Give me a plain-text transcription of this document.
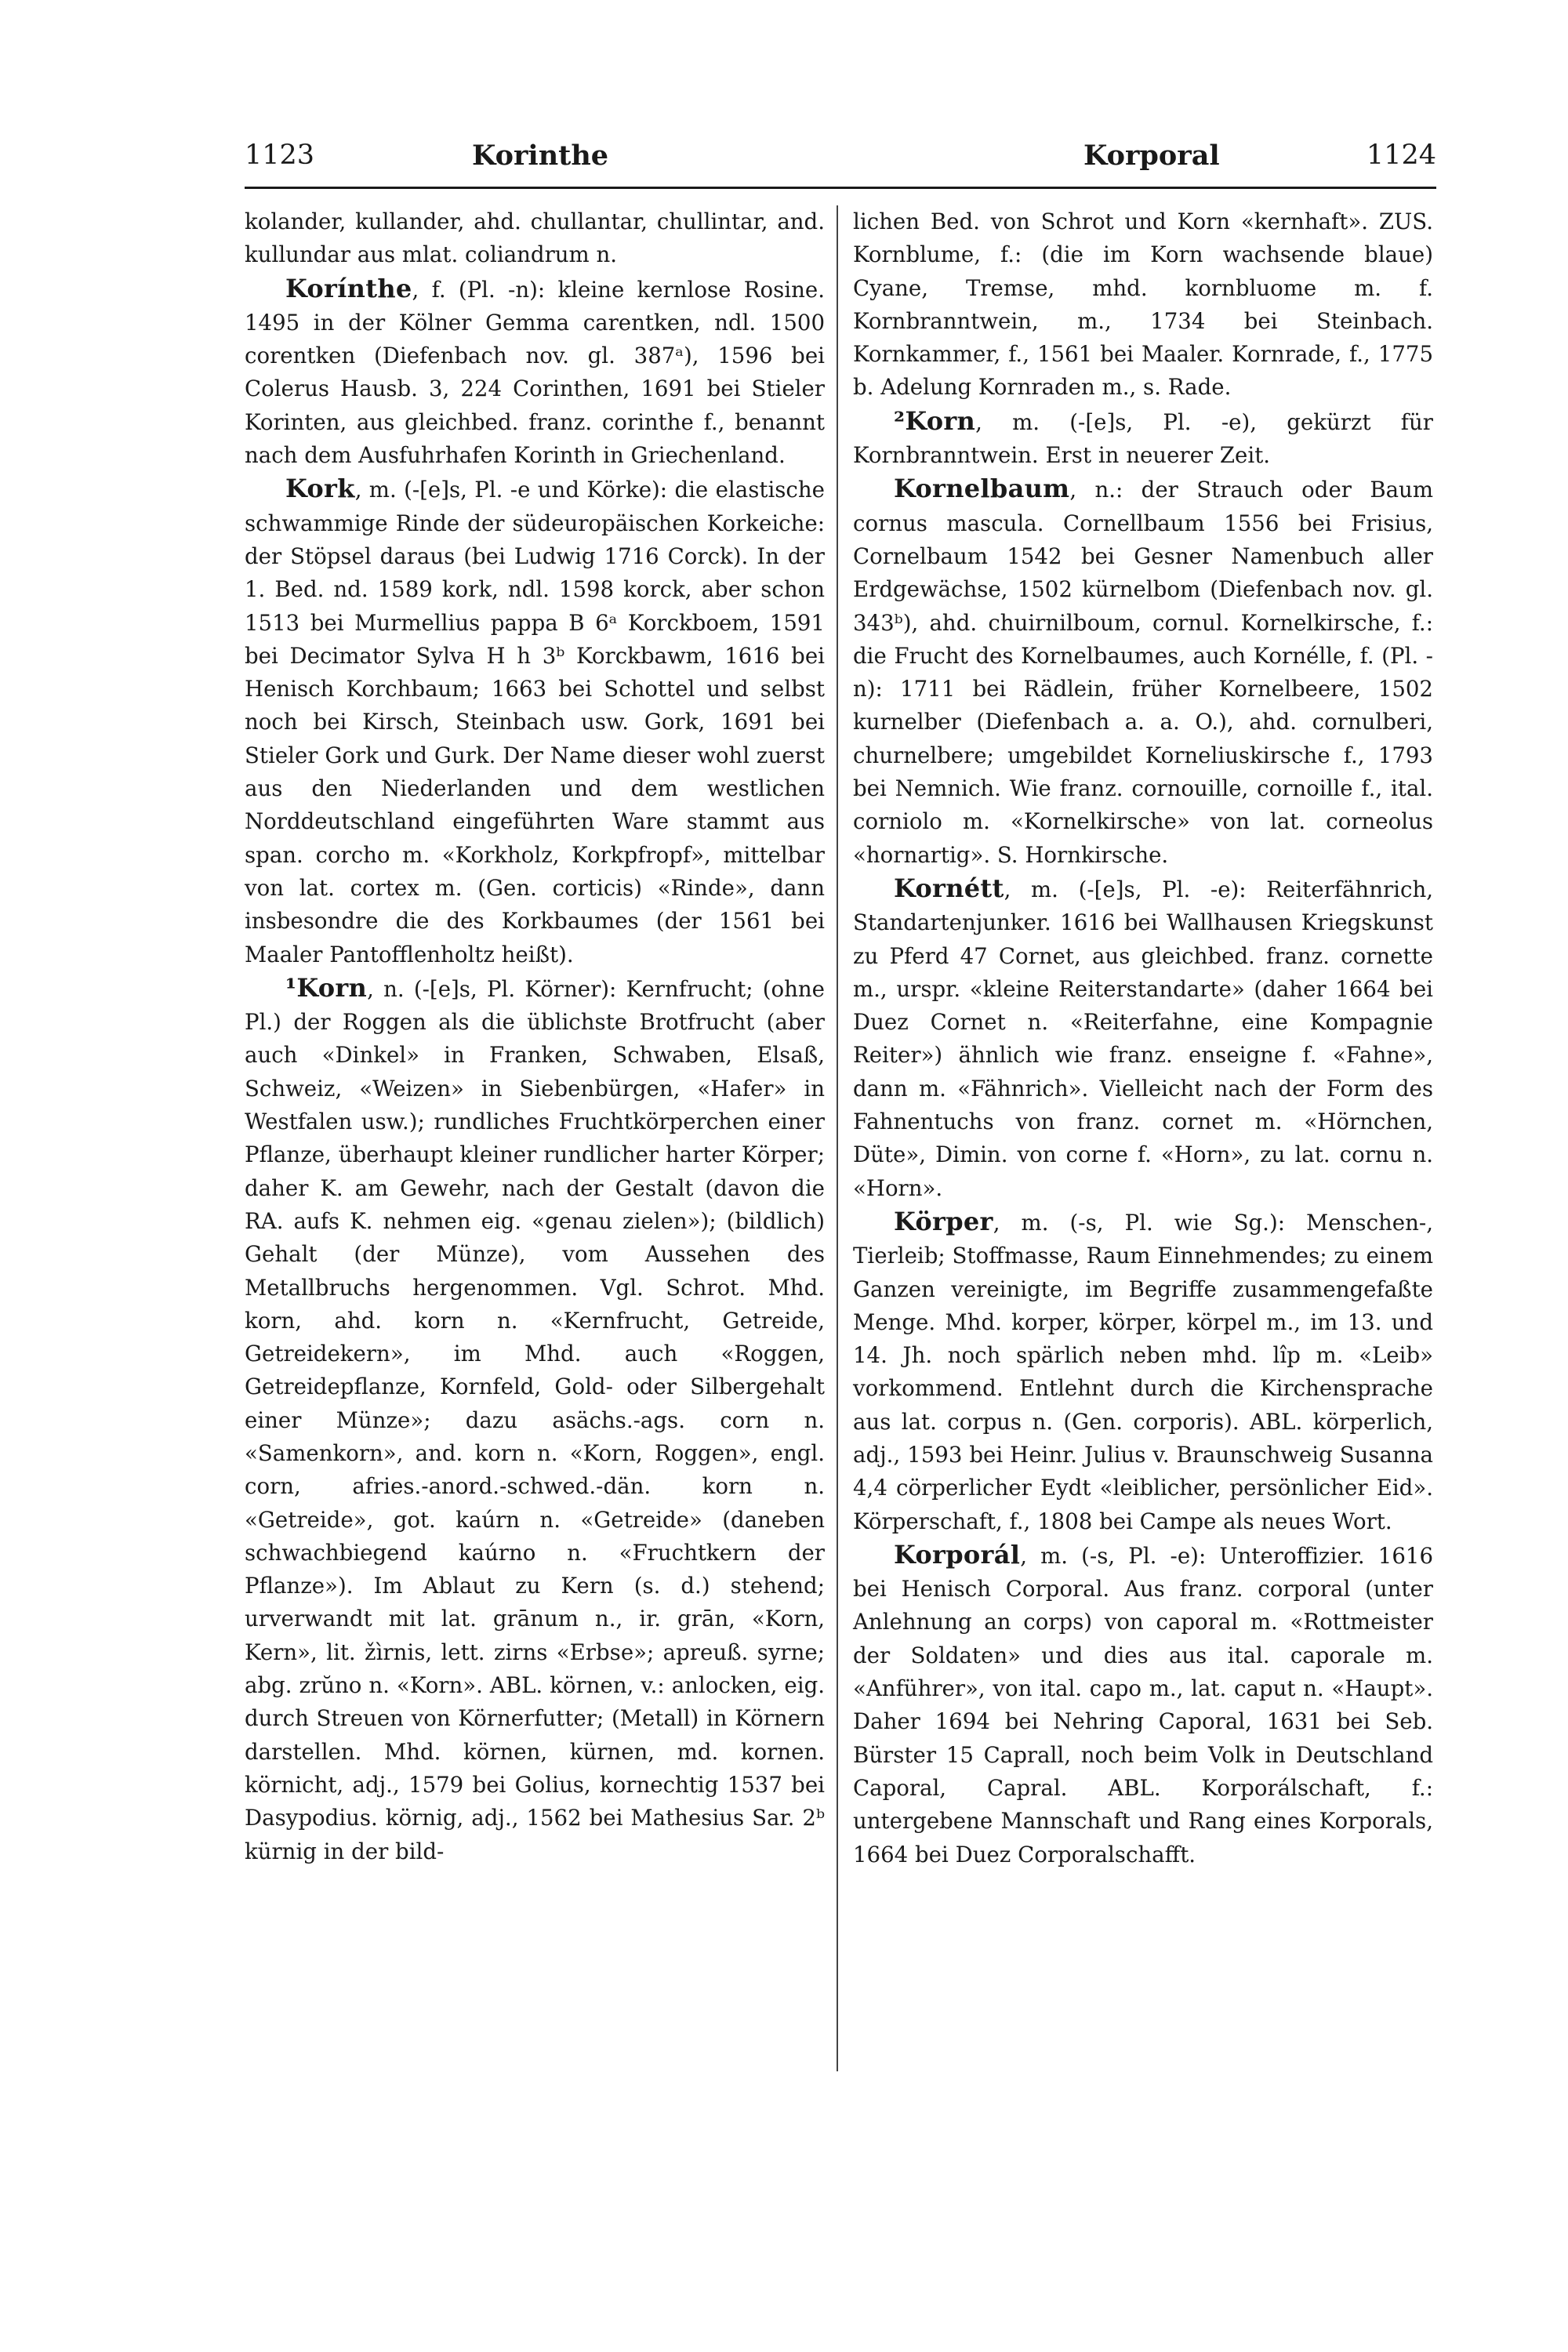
1123	Korinthe	Korporal	1124

kolander, kullander, ahd. chullantar, chullintar, and. kullundar aus mlat. coliandrum n.

Korínthe, f. (Pl. -n): kleine kernlose Rosine. 1495 in der Kölner Gemma carentken, ndl. 1500 corentken (Diefenbach nov. gl. 387ᵃ), 1596 bei Colerus Hausb. 3, 224 Corinthen, 1691 bei Stieler Korinten, aus gleichbed. franz. corinthe f., benannt nach dem Ausfuhrhafen Korinth in Griechenland.

Kork, m. (-[e]s, Pl. -e und Körke): die elastische schwammige Rinde der südeuropäischen Korkeiche: der Stöpsel daraus (bei Ludwig 1716 Corck). In der 1. Bed. nd. 1589 kork, ndl. 1598 korck, aber schon 1513 bei Murmellius pappa B 6ᵃ Korckboem, 1591 bei Decimator Sylva H h 3ᵇ Korckbawm, 1616 bei Henisch Korchbaum; 1663 bei Schottel und selbst noch bei Kirsch, Steinbach usw. Gork, 1691 bei Stieler Gork und Gurk. Der Name dieser wohl zuerst aus den Niederlanden und dem westlichen Norddeutschland eingeführten Ware stammt aus span. corcho m. «Korkholz, Korkpfropf», mittelbar von lat. cortex m. (Gen. corticis) «Rinde», dann insbesondre die des Korkbaumes (der 1561 bei Maaler Pantofflenholtz heißt).

¹Korn, n. (-[e]s, Pl. Körner): Kernfrucht; (ohne Pl.) der Roggen als die üblichste Brotfrucht (aber auch «Dinkel» in Franken, Schwaben, Elsaß, Schweiz, «Weizen» in Siebenbürgen, «Hafer» in Westfalen usw.); rundliches Fruchtkörperchen einer Pflanze, überhaupt kleiner rundlicher harter Körper; daher K. am Gewehr, nach der Gestalt (davon die RA. aufs K. nehmen eig. «genau zielen»); (bildlich) Gehalt (der Münze), vom Aussehen des Metallbruchs hergenommen. Vgl. Schrot. Mhd. korn, ahd. korn n. «Kernfrucht, Getreide, Getreidekern», im Mhd. auch «Roggen, Getreidepflanze, Kornfeld, Gold- oder Silbergehalt einer Münze»; dazu asächs.-ags. corn n. «Samenkorn», and. korn n. «Korn, Roggen», engl. corn, afries.-anord.-schwed.-dän. korn n. «Getreide», got. kaúrn n. «Getreide» (daneben schwachbiegend kaúrno n. «Fruchtkern der Pflanze»). Im Ablaut zu Kern (s. d.) stehend; urverwandt mit lat. grānum n., ir. grān, «Korn, Kern», lit. žìrnis, lett. zirns «Erbse»; apreuß. syrne; abg. zrŭno n. «Korn». ABL. körnen, v.: anlocken, eig. durch Streuen von Körnerfutter; (Metall) in Körnern darstellen. Mhd. körnen, kürnen, md. kornen. körnicht, adj., 1579 bei Golius, kornechtig 1537 bei Dasypodius. körnig, adj., 1562 bei Mathesius Sar. 2ᵇ kürnig in der bild-

lichen Bed. von Schrot und Korn «kernhaft». ZUS. Kornblume, f.: (die im Korn wachsende blaue) Cyane, Tremse, mhd. kornbluome m. f. Kornbranntwein, m., 1734 bei Steinbach. Kornkammer, f., 1561 bei Maaler. Kornrade, f., 1775 b. Adelung Kornraden m., s. Rade.

²Korn, m. (-[e]s, Pl. -e), gekürzt für Kornbranntwein. Erst in neuerer Zeit.

Kornelbaum, n.: der Strauch oder Baum cornus mascula. Cornellbaum 1556 bei Frisius, Cornelbaum 1542 bei Gesner Namenbuch aller Erdgewächse, 1502 kürnelbom (Diefenbach nov. gl. 343ᵇ), ahd. chuirnilboum, cornul. Kornelkirsche, f.: die Frucht des Kornelbaumes, auch Kornélle, f. (Pl. -n): 1711 bei Rädlein, früher Kornelbeere, 1502 kurnelber (Diefenbach a. a. O.), ahd. cornulberi, churnelbere; umgebildet Korneliuskirsche f., 1793 bei Nemnich. Wie franz. cornouille, cornoille f., ital. corniolo m. «Kornelkirsche» von lat. corneolus «hornartig». S. Hornkirsche.

Kornétt, m. (-[e]s, Pl. -e): Reiterfähnrich, Standartenjunker. 1616 bei Wallhausen Kriegskunst zu Pferd 47 Cornet, aus gleichbed. franz. cornette m., urspr. «kleine Reiterstandarte» (daher 1664 bei Duez Cornet n. «Reiterfahne, eine Kompagnie Reiter») ähnlich wie franz. enseigne f. «Fahne», dann m. «Fähnrich». Vielleicht nach der Form des Fahnentuchs von franz. cornet m. «Hörnchen, Düte», Dimin. von corne f. «Horn», zu lat. cornu n. «Horn».

Körper, m. (-s, Pl. wie Sg.): Menschen-, Tierleib; Stoffmasse, Raum Einnehmendes; zu einem Ganzen vereinigte, im Begriffe zusammengefaßte Menge. Mhd. korper, körper, körpel m., im 13. und 14. Jh. noch spärlich neben mhd. lîp m. «Leib» vorkommend. Entlehnt durch die Kirchensprache aus lat. corpus n. (Gen. corporis). ABL. körperlich, adj., 1593 bei Heinr. Julius v. Braunschweig Susanna 4,4 cörperlicher Eydt «leiblicher, persönlicher Eid». Körperschaft, f., 1808 bei Campe als neues Wort.

Korporál, m. (-s, Pl. -e): Unteroffizier. 1616 bei Henisch Corporal. Aus franz. corporal (unter Anlehnung an corps) von caporal m. «Rottmeister der Soldaten» und dies aus ital. caporale m. «Anführer», von ital. capo m., lat. caput n. «Haupt». Daher 1694 bei Nehring Caporal, 1631 bei Seb. Bürster 15 Caprall, noch beim Volk in Deutschland Caporal, Capral. ABL. Korporálschaft, f.: untergebene Mannschaft und Rang eines Korporals, 1664 bei Duez Corporalschafft.
